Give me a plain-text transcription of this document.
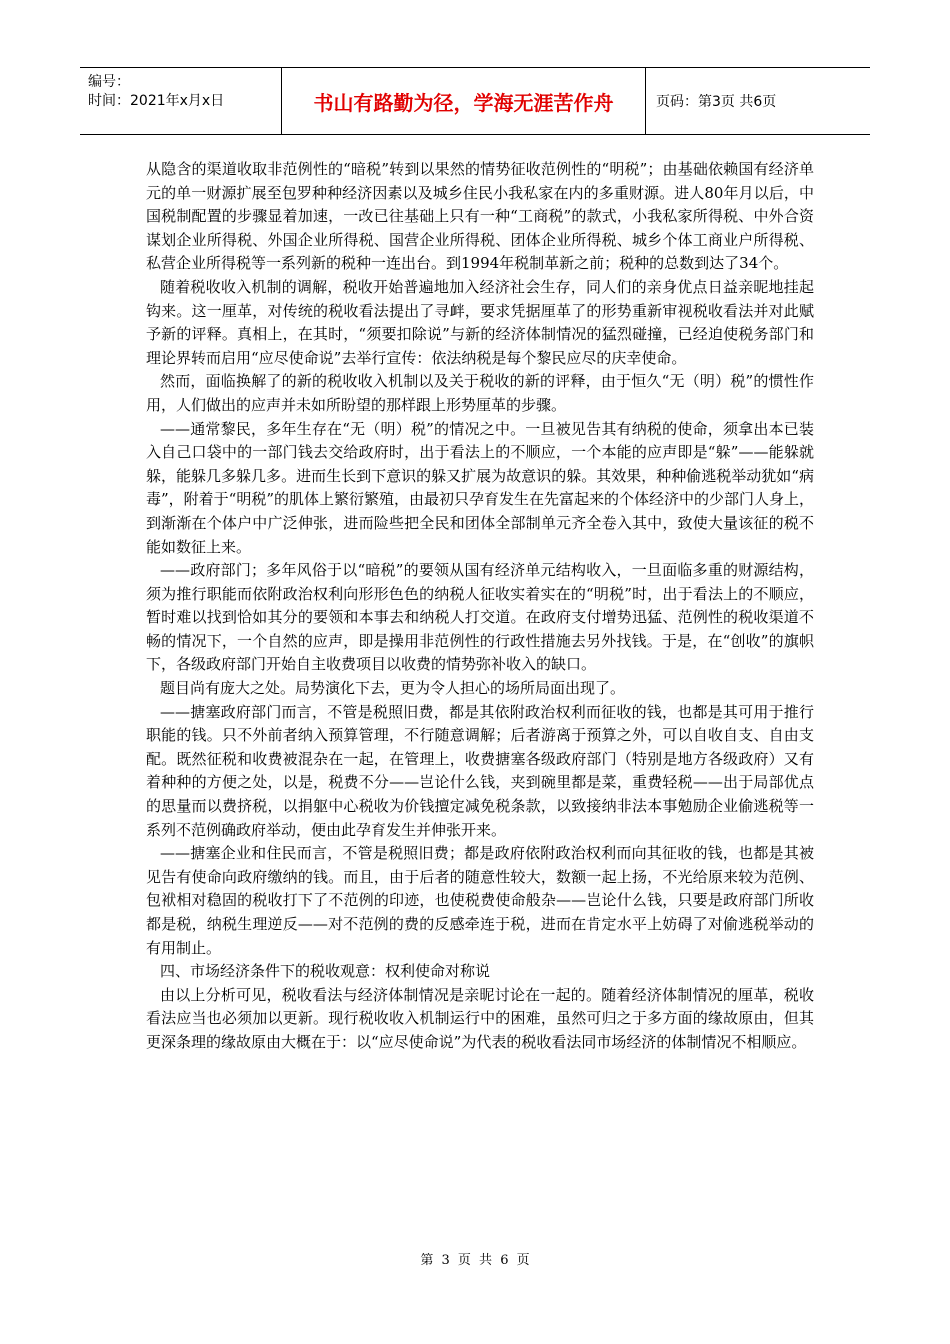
编号：
时间：2021年x月x日	书山有路勤为径，学海无涯苦作舟	页码：第3页 共6页

从隐含的渠道收取非范例性的“暗税”转到以果然的情势征收范例性的“明税”；由基础依赖国有经济单元的单一财源扩展至包罗种种经济因素以及城乡住民小我私家在内的多重财源。进人80年月以后，中国税制配置的步骤显着加速，一改已往基础上只有一种“工商税”的款式，小我私家所得税、中外合资谋划企业所得税、外国企业所得税、国营企业所得税、团体企业所得税、城乡个体工商业户所得税、私营企业所得税等一系列新的税种一连出台。到1994年税制革新之前；税种的总数到达了34个。

随着税收收入机制的调解，税收开始普遍地加入经济社会生存，同人们的亲身优点日益亲昵地挂起钩来。这一厘革，对传统的税收看法提出了寻衅，要求凭据厘革了的形势重新审视税收看法并对此赋予新的评释。真相上，在其时，“须要扣除说”与新的经济体制情况的猛烈碰撞，已经迫使税务部门和理论界转而启用“应尽使命说”去举行宣传：依法纳税是每个黎民应尽的庆幸使命。

然而，面临换解了的新的税收收入机制以及关于税收的新的评释，由于恒久“无（明）税”的惯性作用，人们做出的应声并未如所盼望的那样跟上形势厘革的步骤。

——通常黎民，多年生存在“无（明）税”的情况之中。一旦被见告其有纳税的使命，须拿出本已装入自己口袋中的一部门钱去交给政府时，出于看法上的不顺应，一个本能的应声即是“躲”——能躲就躲，能躲几多躲几多。进而生长到下意识的躲又扩展为故意识的躲。其效果，种种偷逃税举动犹如“病毒”，附着于“明税”的肌体上繁衍繁殖，由最初只孕育发生在先富起来的个体经济中的少部门人身上，到渐渐在个体户中广泛伸张，进而险些把全民和团体全部制单元齐全卷入其中，致使大量该征的税不能如数征上来。

——政府部门；多年风俗于以“暗税”的要领从国有经济单元结构收入，一旦面临多重的财源结构，须为推行职能而依附政治权利向形形色色的纳税人征收实着实在的“明税”时，出于看法上的不顺应，暂时难以找到恰如其分的要领和本事去和纳税人打交道。在政府支付增势迅猛、范例性的税收渠道不畅的情况下，一个自然的应声，即是操用非范例性的行政性措施去另外找钱。于是，在“创收”的旗帜下，各级政府部门开始自主收费项目以收费的情势弥补收入的缺口。

题目尚有庞大之处。局势演化下去，更为令人担心的场所局面出现了。

——搪塞政府部门而言，不管是税照旧费，都是其依附政治权利而征收的钱，也都是其可用于推行职能的钱。只不外前者纳入预算管理，不行随意调解；后者游离于预算之外，可以自收自支、自由支配。既然征税和收费被混杂在一起，在管理上，收费搪塞各级政府部门（特别是地方各级政府）又有着种种的方便之处，以是，税费不分——岂论什么钱，夹到碗里都是菜，重费轻税——出于局部优点的思量而以费挤税，以捐躯中心税收为价钱擅定减免税条款，以致接纳非法本事勉励企业偷逃税等一系列不范例确政府举动，便由此孕育发生并伸张开来。

——搪塞企业和住民而言，不管是税照旧费；都是政府依附政治权利而向其征收的钱，也都是其被见告有使命向政府缴纳的钱。而且，由于后者的随意性较大，数额一起上扬，不光给原来较为范例、包袱相对稳固的税收打下了不范例的印迹，也使税费使命般杂——岂论什么钱，只要是政府部门所收都是税，纳税生理逆反——对不范例的费的反感牵连于税，进而在肯定水平上妨碍了对偷逃税举动的有用制止。

四、市场经济条件下的税收观意：权利使命对称说

由以上分析可见，税收看法与经济体制情况是亲昵讨论在一起的。随着经济体制情况的厘革，税收看法应当也必须加以更新。现行税收收入机制运行中的困难，虽然可归之于多方面的缘故原由，但其更深条理的缘故原由大概在于：以“应尽使命说”为代表的税收看法同市场经济的体制情况不相顺应。

第 3 页 共 6 页
